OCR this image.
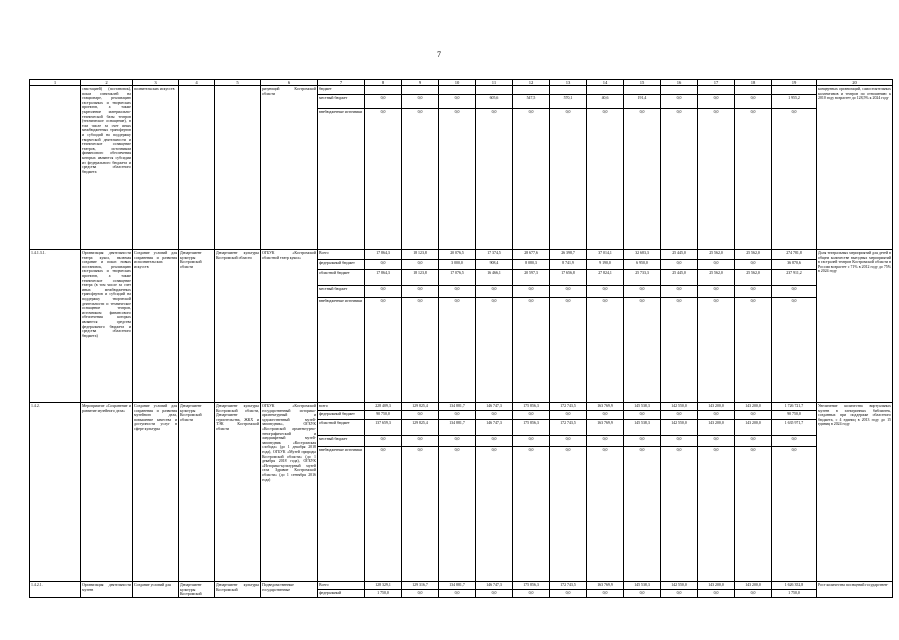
7
1	2	3	4	5	6	7	8	9	10	11	12	13	14	15	16	17	18	19	20
	снастацией) (постановок), показ спектаклей на стационаре, реализацию гастрольных и творческих проектов, а также укрепление материально-технической базы театров (техническое оснащение), в том числе за счет иных межбюджетных трансфертов и субсидий на поддержку творческой деятельности и техническое оснащение театров, источником финансового обеспечения которых являются субсидии из федерального бюджета и средства областного бюджета	полнительских искусств			ризующий Костромской области	бюджет													концертных организаций, самостоятельных коллективов и театров по отношению к 2010 году возрастет до 128,5% к 2024 году
						местный бюджет	0,0	0,0	0,0	605,6	547,5	570,1	40,6	191,4	0,0	0,0	0,0	1 955,2	
						внебюджетные источники	0,0	0,0	0,0	0,0	0,0	0,0	0,0	0,0	0,0	0,0	0,0	0,0	
1.4.1.3.1.	Организация деятельности театра кукол, включая создание и показ новых постановок, реализацию гастрольных и творческих проектов, а также техническое оснащение театра (в том числе за счет иных межбюджетных трансфертов и субсидий на поддержку творческой деятельности и техническое оснащение театров, источником финансового обеспечения которых являются средства федерального бюджета и средства областного бюджета)	Создание условий для сохранения и развития исполнительских искусств	Департамент культуры Костромской области	Департамент культуры Костромской области	ОГБУК «Костромской областной театр кукол»	Всего	17 864,3	18 123,8	20 076,5	17 374,5	28 677,6	26 398,7	37 014,1	32 683,3	25 445,0	25 562,0	25 562,0	274 781,8	Доля театральных мероприятий для детей в общем количестве выездных мероприятий в гастролей театров Костромской области в России возрастет с 71% в 2012 году до 75% в 2024 году
						федеральный бюджет	0,0	0,0	3 000,0	908,4	8 080,3	8 741,9	9 190,0	6 950,0	0,0	0,0	0,0	36 870,6	
						областной бюджет	17 864,3	18 123,8	17 076,5	16 466,1	20 597,3	17 656,8	27 824,1	25 733,3	25 445,0	25 562,0	25 562,0	237 911,2	
						местный бюджет	0,0	0,0	0,0	0,0	0,0	0,0	0,0	0,0	0,0	0,0	0,0	0,0	
						внебюджетные источники	0,0	0,0	0,0	0,0	0,0	0,0	0,0	0,0	0,0	0,0	0,0	0,0	
1.4.2.	Мероприятие «Сохранение и развитие музейного дела»	Создание условий для сохранения и развития музейного дела, повышение качества и доступности услуг в сфере культуры	Департамент культуры Костромской области	Департамент культуры Костромской области, Департамент строительства, ЖКХ и ТЭК Костромской области	ОГБУК «Костромской государственный историко-архитектурный и художественный музей-заповедник», ОГБУК «Костромской архитектурно-этнографический и ландшафтный музей-заповедник «Костромская слобода» (до 1 декабря 2018 года), ОГБУК «Музей природы Костромской области» (до 1 декабря 2018 года), ОГБУК «Историко-культурный музей села Здравие Костромской области» (до 1 сентября 2016 года)	всего	228 409,3	129 825,4	134 881,7	146 747,3	175 856,3	172 743,5	163 769,9	145 538,3	142 550,0	143 200,0	143 200,0	1 726 721,7	Увеличение количества виртуальных музеев в электронных библиотек, созданных при поддержке областного бюджета, с 4 единиц в 2013 году до 15 единиц в 2024 году
						федеральный бюджет	90 750,0	0,0	0,0	0,0	0,0	0,0	0,0	0,0	0,0	0,0	0,0	90 750,0	
						областной бюджет	137 659,3	129 825,4	134 881,7	146 747,3	175 856,3	172 743,5	163 769,9	145 538,3	142 550,0	143 200,0	143 200,0	1 635 971,7	
						местный бюджет	0,0	0,0	0,0	0,0	0,0	0,0	0,0	0,0	0,0	0,0	0,0	0,0	
						внебюджетные источники	0,0	0,0	0,0	0,0	0,0	0,0	0,0	0,0	0,0	0,0	0,0	0,0	
1.4.2.1.	Организация деятельности музеев	Создание условий для	Департамент культуры Костромской	Департамент культуры Костромской	Подведомственные государственные	Всего	128 329,1	129 316,7	134 881,7	146 747,3	175 856,3	172 743,5	163 769,9	145 538,3	142 550,0	143 200,0	143 200,0	1 626 352,8	Рост количества посещений государствен-
						федеральный	1 750,0	0,0	0,0	0,0	0,0	0,0	0,0	0,0	0,0	0,0	0,0	1 750,0	
